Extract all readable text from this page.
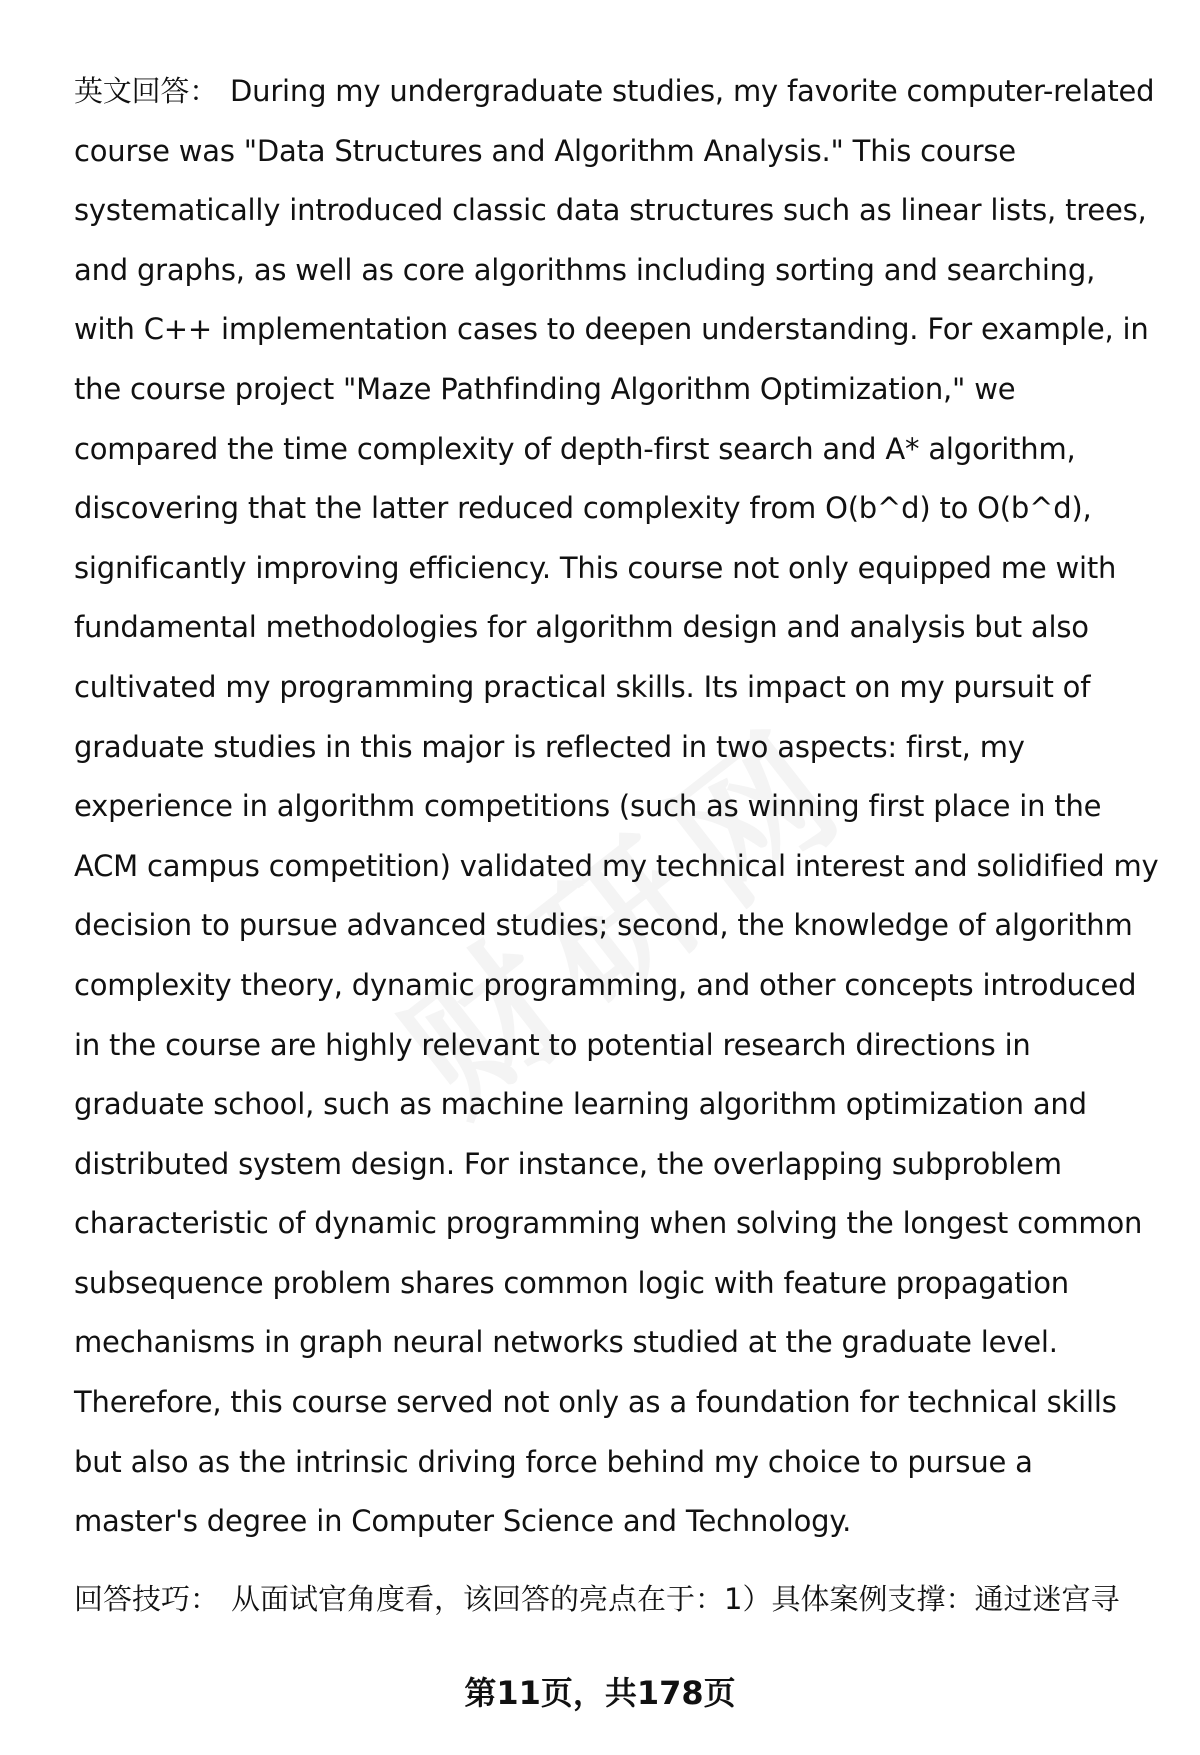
英文回答： During my undergraduate studies, my favorite computer-related course was "Data Structures and Algorithm Analysis." This course systematically introduced classic data structures such as linear lists, trees, and graphs, as well as core algorithms including sorting and searching, with C++ implementation cases to deepen understanding. For example, in the course project "Maze Pathfinding Algorithm Optimization," we compared the time complexity of depth-first search and A* algorithm, discovering that the latter reduced complexity from O(b^d) to O(b^d), significantly improving efficiency. This course not only equipped me with fundamental methodologies for algorithm design and analysis but also cultivated my programming practical skills. Its impact on my pursuit of graduate studies in this major is reflected in two aspects: first, my experience in algorithm competitions (such as winning first place in the ACM campus competition) validated my technical interest and solidified my decision to pursue advanced studies; second, the knowledge of algorithm complexity theory, dynamic programming, and other concepts introduced in the course are highly relevant to potential research directions in graduate school, such as machine learning algorithm optimization and distributed system design. For instance, the overlapping subproblem characteristic of dynamic programming when solving the longest common subsequence problem shares common logic with feature propagation mechanisms in graph neural networks studied at the graduate level. Therefore, this course served not only as a foundation for technical skills but also as the intrinsic driving force behind my choice to pursue a master's degree in Computer Science and Technology.

回答技巧： 从面试官角度看，该回答的亮点在于：1）具体案例支撑：通过迷宫寻

第11页，共178页
